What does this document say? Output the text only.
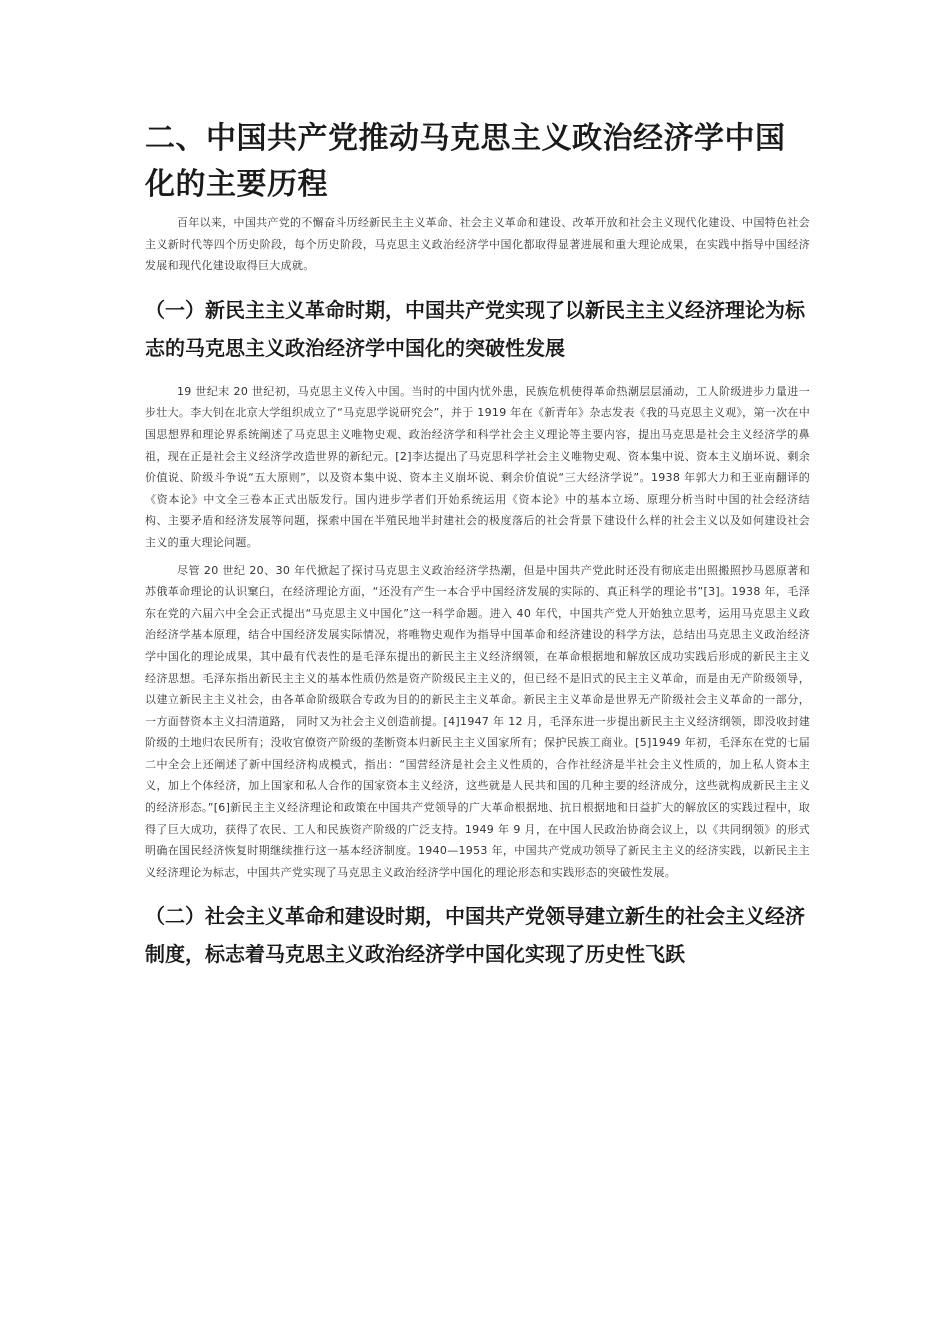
二、中国共产党推动马克思主义政治经济学中国化的主要历程

百年以来，中国共产党的不懈奋斗历经新民主主义革命、社会主义革命和建设、改革开放和社会主义现代化建设、中国特色社会主义新时代等四个历史阶段，每个历史阶段，马克思主义政治经济学中国化都取得显著进展和重大理论成果，在实践中指导中国经济发展和现代化建设取得巨大成就。

（一）新民主主义革命时期，中国共产党实现了以新民主主义经济理论为标志的马克思主义政治经济学中国化的突破性发展

19 世纪末 20 世纪初，马克思主义传入中国。当时的中国内忧外患，民族危机使得革命热潮层层涌动，工人阶级进步力量进一步壮大。李大钊在北京大学组织成立了“马克思学说研究会”，并于 1919 年在《新青年》杂志发表《我的马克思主义观》，第一次在中国思想界和理论界系统阐述了马克思主义唯物史观、政治经济学和科学社会主义理论等主要内容，提出马克思是社会主义经济学的鼻祖，现在正是社会主义经济学改造世界的新纪元。[2]李达提出了马克思科学社会主义唯物史观、资本集中说、资本主义崩坏说、剩余价值说、阶级斗争说“五大原则”，以及资本集中说、资本主义崩坏说、剩余价值说“三大经济学说”。1938 年郭大力和王亚南翻译的《资本论》中文全三卷本正式出版发行。国内进步学者们开始系统运用《资本论》中的基本立场、原理分析当时中国的社会经济结构、主要矛盾和经济发展等问题，探索中国在半殖民地半封建社会的极度落后的社会背景下建设什么样的社会主义以及如何建设社会主义的重大理论问题。

尽管 20 世纪 20、30 年代掀起了探讨马克思主义政治经济学热潮，但是中国共产党此时还没有彻底走出照搬照抄马恩原著和苏俄革命理论的认识窠臼，在经济理论方面，“还没有产生一本合乎中国经济发展的实际的、真正科学的理论书”[3]。1938 年，毛泽东在党的六届六中全会正式提出“马克思主义中国化”这一科学命题。进入 40 年代，中国共产党人开始独立思考，运用马克思主义政治经济学基本原理，结合中国经济发展实际情况，将唯物史观作为指导中国革命和经济建设的科学方法，总结出马克思主义政治经济学中国化的理论成果，其中最有代表性的是毛泽东提出的新民主主义经济纲领，在革命根据地和解放区成功实践后形成的新民主主义经济思想。毛泽东指出新民主主义的基本性质仍然是资产阶级民主主义的，但已经不是旧式的民主主义革命，而是由无产阶级领导，以建立新民主主义社会，由各革命阶级联合专政为目的的新民主主义革命。新民主主义革命是世界无产阶级社会主义革命的一部分，一方面替资本主义扫清道路， 同时又为社会主义创造前提。[4]1947 年 12 月，毛泽东进一步提出新民主主义经济纲领，即没收封建阶级的土地归农民所有；没收官僚资产阶级的垄断资本归新民主主义国家所有；保护民族工商业。[5]1949 年初，毛泽东在党的七届二中全会上还阐述了新中国经济构成模式，指出：“国营经济是社会主义性质的，合作社经济是半社会主义性质的，加上私人资本主义，加上个体经济，加上国家和私人合作的国家资本主义经济，这些就是人民共和国的几种主要的经济成分，这些就构成新民主主义的经济形态。”[6]新民主主义经济理论和政策在中国共产党领导的广大革命根据地、抗日根据地和日益扩大的解放区的实践过程中，取得了巨大成功，获得了农民、工人和民族资产阶级的广泛支持。1949 年 9 月，在中国人民政治协商会议上，以《共同纲领》的形式明确在国民经济恢复时期继续推行这一基本经济制度。1940—1953 年，中国共产党成功领导了新民主主义的经济实践，以新民主主义经济理论为标志，中国共产党实现了马克思主义政治经济学中国化的理论形态和实践形态的突破性发展。

（二）社会主义革命和建设时期，中国共产党领导建立新生的社会主义经济制度，标志着马克思主义政治经济学中国化实现了历史性飞跃
